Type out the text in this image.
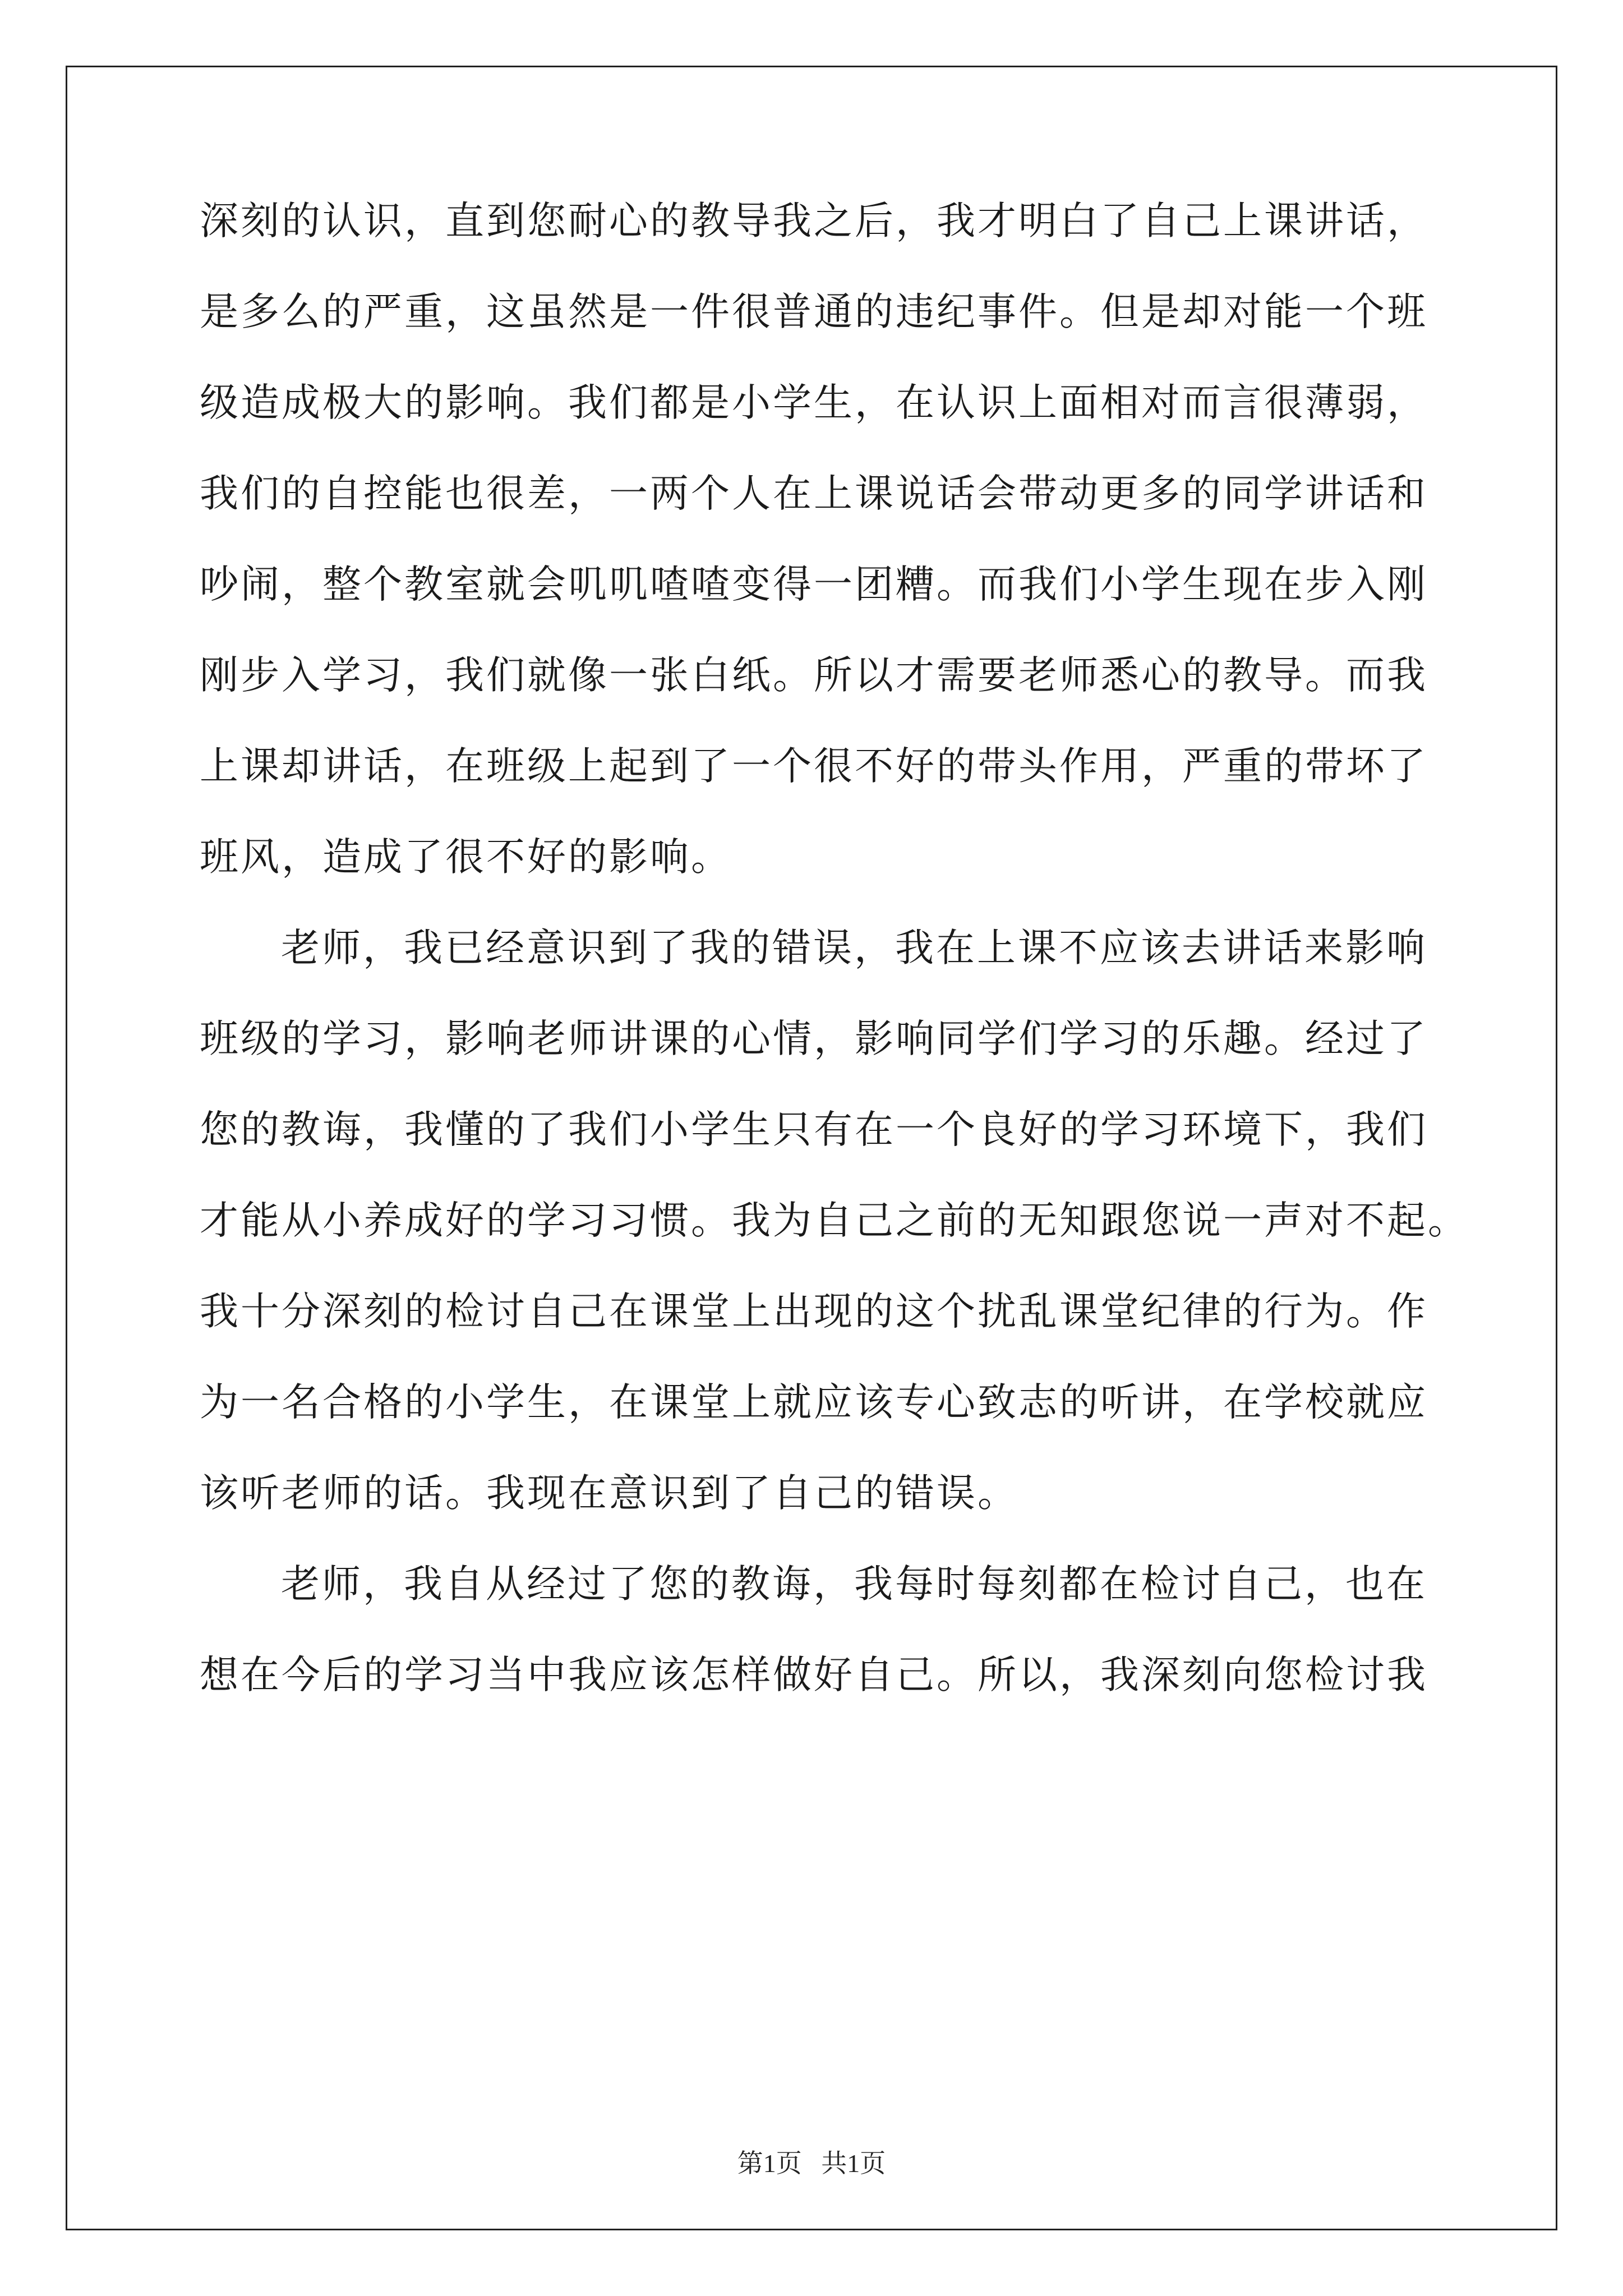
深刻的认识，直到您耐心的教导我之后，我才明白了自己上课讲话，
是多么的严重，这虽然是一件很普通的违纪事件。但是却对能一个班
级造成极大的影响。我们都是小学生，在认识上面相对而言很薄弱，
我们的自控能也很差，一两个人在上课说话会带动更多的同学讲话和
吵闹，整个教室就会叽叽喳喳变得一团糟。而我们小学生现在步入刚
刚步入学习，我们就像一张白纸。所以才需要老师悉心的教导。而我
上课却讲话，在班级上起到了一个很不好的带头作用，严重的带坏了
班风，造成了很不好的影响。
老师，我已经意识到了我的错误，我在上课不应该去讲话来影响
班级的学习，影响老师讲课的心情，影响同学们学习的乐趣。经过了
您的教诲，我懂的了我们小学生只有在一个良好的学习环境下，我们
才能从小养成好的学习习惯。我为自己之前的无知跟您说一声对不起。
我十分深刻的检讨自己在课堂上出现的这个扰乱课堂纪律的行为。作
为一名合格的小学生，在课堂上就应该专心致志的听讲，在学校就应
该听老师的话。我现在意识到了自己的错误。
老师，我自从经过了您的教诲，我每时每刻都在检讨自己，也在
想在今后的学习当中我应该怎样做好自己。所以，我深刻向您检讨我
第1页 共1页
